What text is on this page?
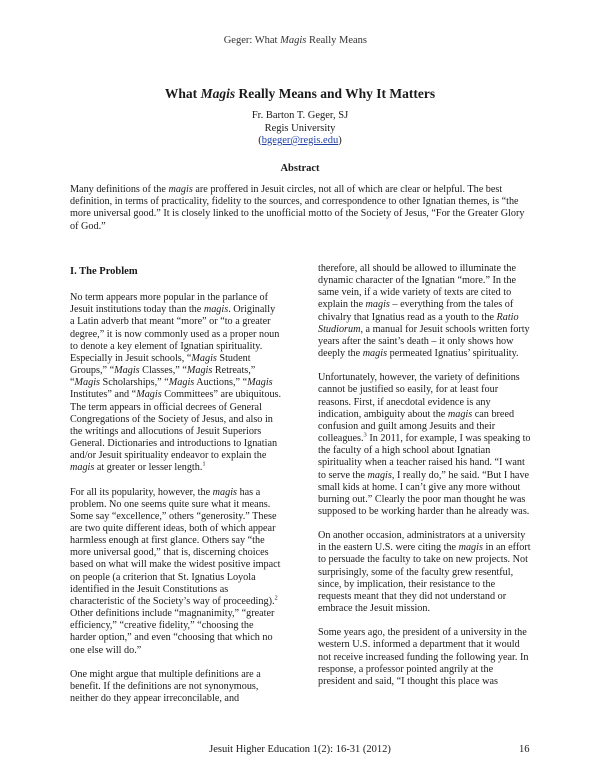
Geger: What Magis Really Means
What Magis Really Means and Why It Matters
Fr. Barton T. Geger, SJ
Regis University
(bgeger@regis.edu)
Abstract
Many definitions of the magis are proffered in Jesuit circles, not all of which are clear or helpful. The best definition, in terms of practicality, fidelity to the sources, and correspondence to other Ignatian themes, is “the more universal good.” It is closely linked to the unofficial motto of the Society of Jesus, “For the Greater Glory of God.”
I. The Problem

No term appears more popular in the parlance of Jesuit institutions today than the magis. Originally a Latin adverb that meant “more” or “to a greater degree,” it is now commonly used as a proper noun to denote a key element of Ignatian spirituality. Especially in Jesuit schools, “Magis Student Groups,” “Magis Classes,” “Magis Retreats,” “Magis Scholarships,” “Magis Auctions,” “Magis Institutes” and “Magis Committees” are ubiquitous. The term appears in official decrees of General Congregations of the Society of Jesus, and also in the writings and allocutions of Jesuit Superiors General. Dictionaries and introductions to Ignatian and/or Jesuit spirituality endeavor to explain the magis at greater or lesser length.$^1$

For all its popularity, however, the magis has a problem. No one seems quite sure what it means. Some say “excellence,” others “generosity.” These are two quite different ideas, both of which appear harmless enough at first glance. Others say “the more universal good,” that is, discerning choices based on what will make the widest positive impact on people (a criterion that St. Ignatius Loyola identified in the Jesuit Constitutions as characteristic of the Society’s way of proceeding).$^2$ Other definitions include “magnanimity,” “greater efficiency,” “creative fidelity,” “choosing the harder option,” and even “choosing that which no one else will do.”

One might argue that multiple definitions are a benefit. If the definitions are not synonymous, neither do they appear irreconcilable, and

therefore, all should be allowed to illuminate the dynamic character of the Ignatian “more.” In the same vein, if a wide variety of texts are cited to explain the magis – everything from the tales of chivalry that Ignatius read as a youth to the Ratio Studiorum, a manual for Jesuit schools written forty years after the saint’s death – it only shows how deeply the magis permeated Ignatius’ spirituality.

Unfortunately, however, the variety of definitions cannot be justified so easily, for at least four reasons. First, if anecdotal evidence is any indication, ambiguity about the magis can breed confusion and guilt among Jesuits and their colleagues.$^3$ In 2011, for example, I was speaking to the faculty of a high school about Ignatian spirituality when a teacher raised his hand. “I want to serve the magis, I really do,” he said. “But I have small kids at home. I can’t give any more without burning out.” Clearly the poor man thought he was supposed to be working harder than he already was.

On another occasion, administrators at a university in the eastern U.S. were citing the magis in an effort to persuade the faculty to take on new projects. Not surprisingly, some of the faculty grew resentful, since, by implication, their resistance to the requests meant that they did not understand or embrace the Jesuit mission.

Some years ago, the president of a university in the western U.S. informed a department that it would not receive increased funding the following year. In response, a professor pointed angrily at the president and said, “I thought this place was

Jesuit Higher Education 1(2): 16-31 (2012)	16
